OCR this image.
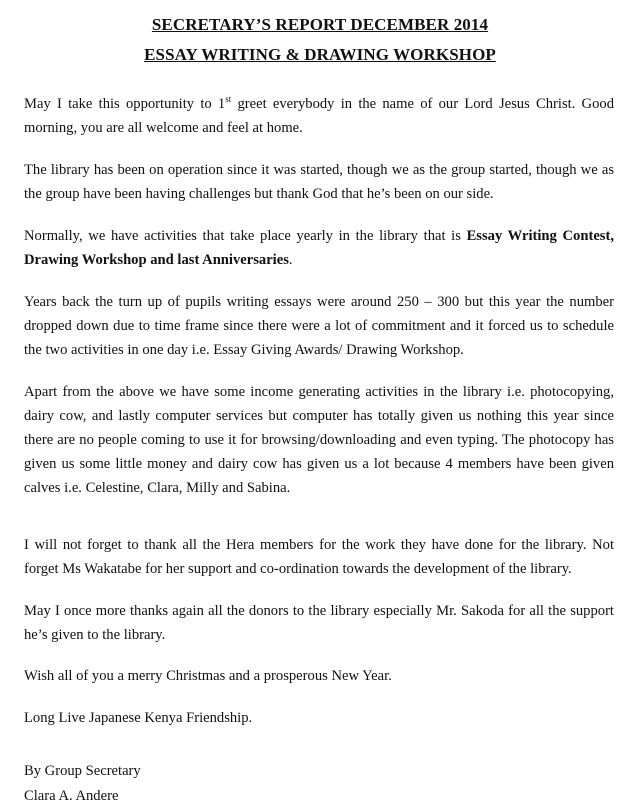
SECRETARY’S REPORT DECEMBER 2014
ESSAY WRITING & DRAWING WORKSHOP

May I take this opportunity to 1st greet everybody in the name of our Lord Jesus Christ. Good morning, you are all welcome and feel at home.

The library has been on operation since it was started, though we as the group started, though we as the group have been having challenges but thank God that he’s been on our side.

Normally, we have activities that take place yearly in the library that is Essay Writing Contest, Drawing Workshop and last Anniversaries.

Years back the turn up of pupils writing essays were around 250 – 300 but this year the number dropped down due to time frame since there were a lot of commitment and it forced us to schedule the two activities in one day i.e. Essay Giving Awards/ Drawing Workshop.

Apart from the above we have some income generating activities in the library i.e. photocopying, dairy cow, and lastly computer services but computer has totally given us nothing this year since there are no people coming to use it for browsing/downloading and even typing. The photocopy has given us some little money and dairy cow has given us a lot because 4 members have been given calves i.e. Celestine, Clara, Milly and Sabina.

I will not forget to thank all the Hera members for the work they have done for the library. Not forget Ms Wakatabe for her support and co-ordination towards the development of the library.

May I once more thanks again all the donors to the library especially Mr. Sakoda for all the support he’s given to the library.

Wish all of you a merry Christmas and a prosperous New Year.

Long Live Japanese Kenya Friendship.

By Group Secretary

Clara A. Andere
